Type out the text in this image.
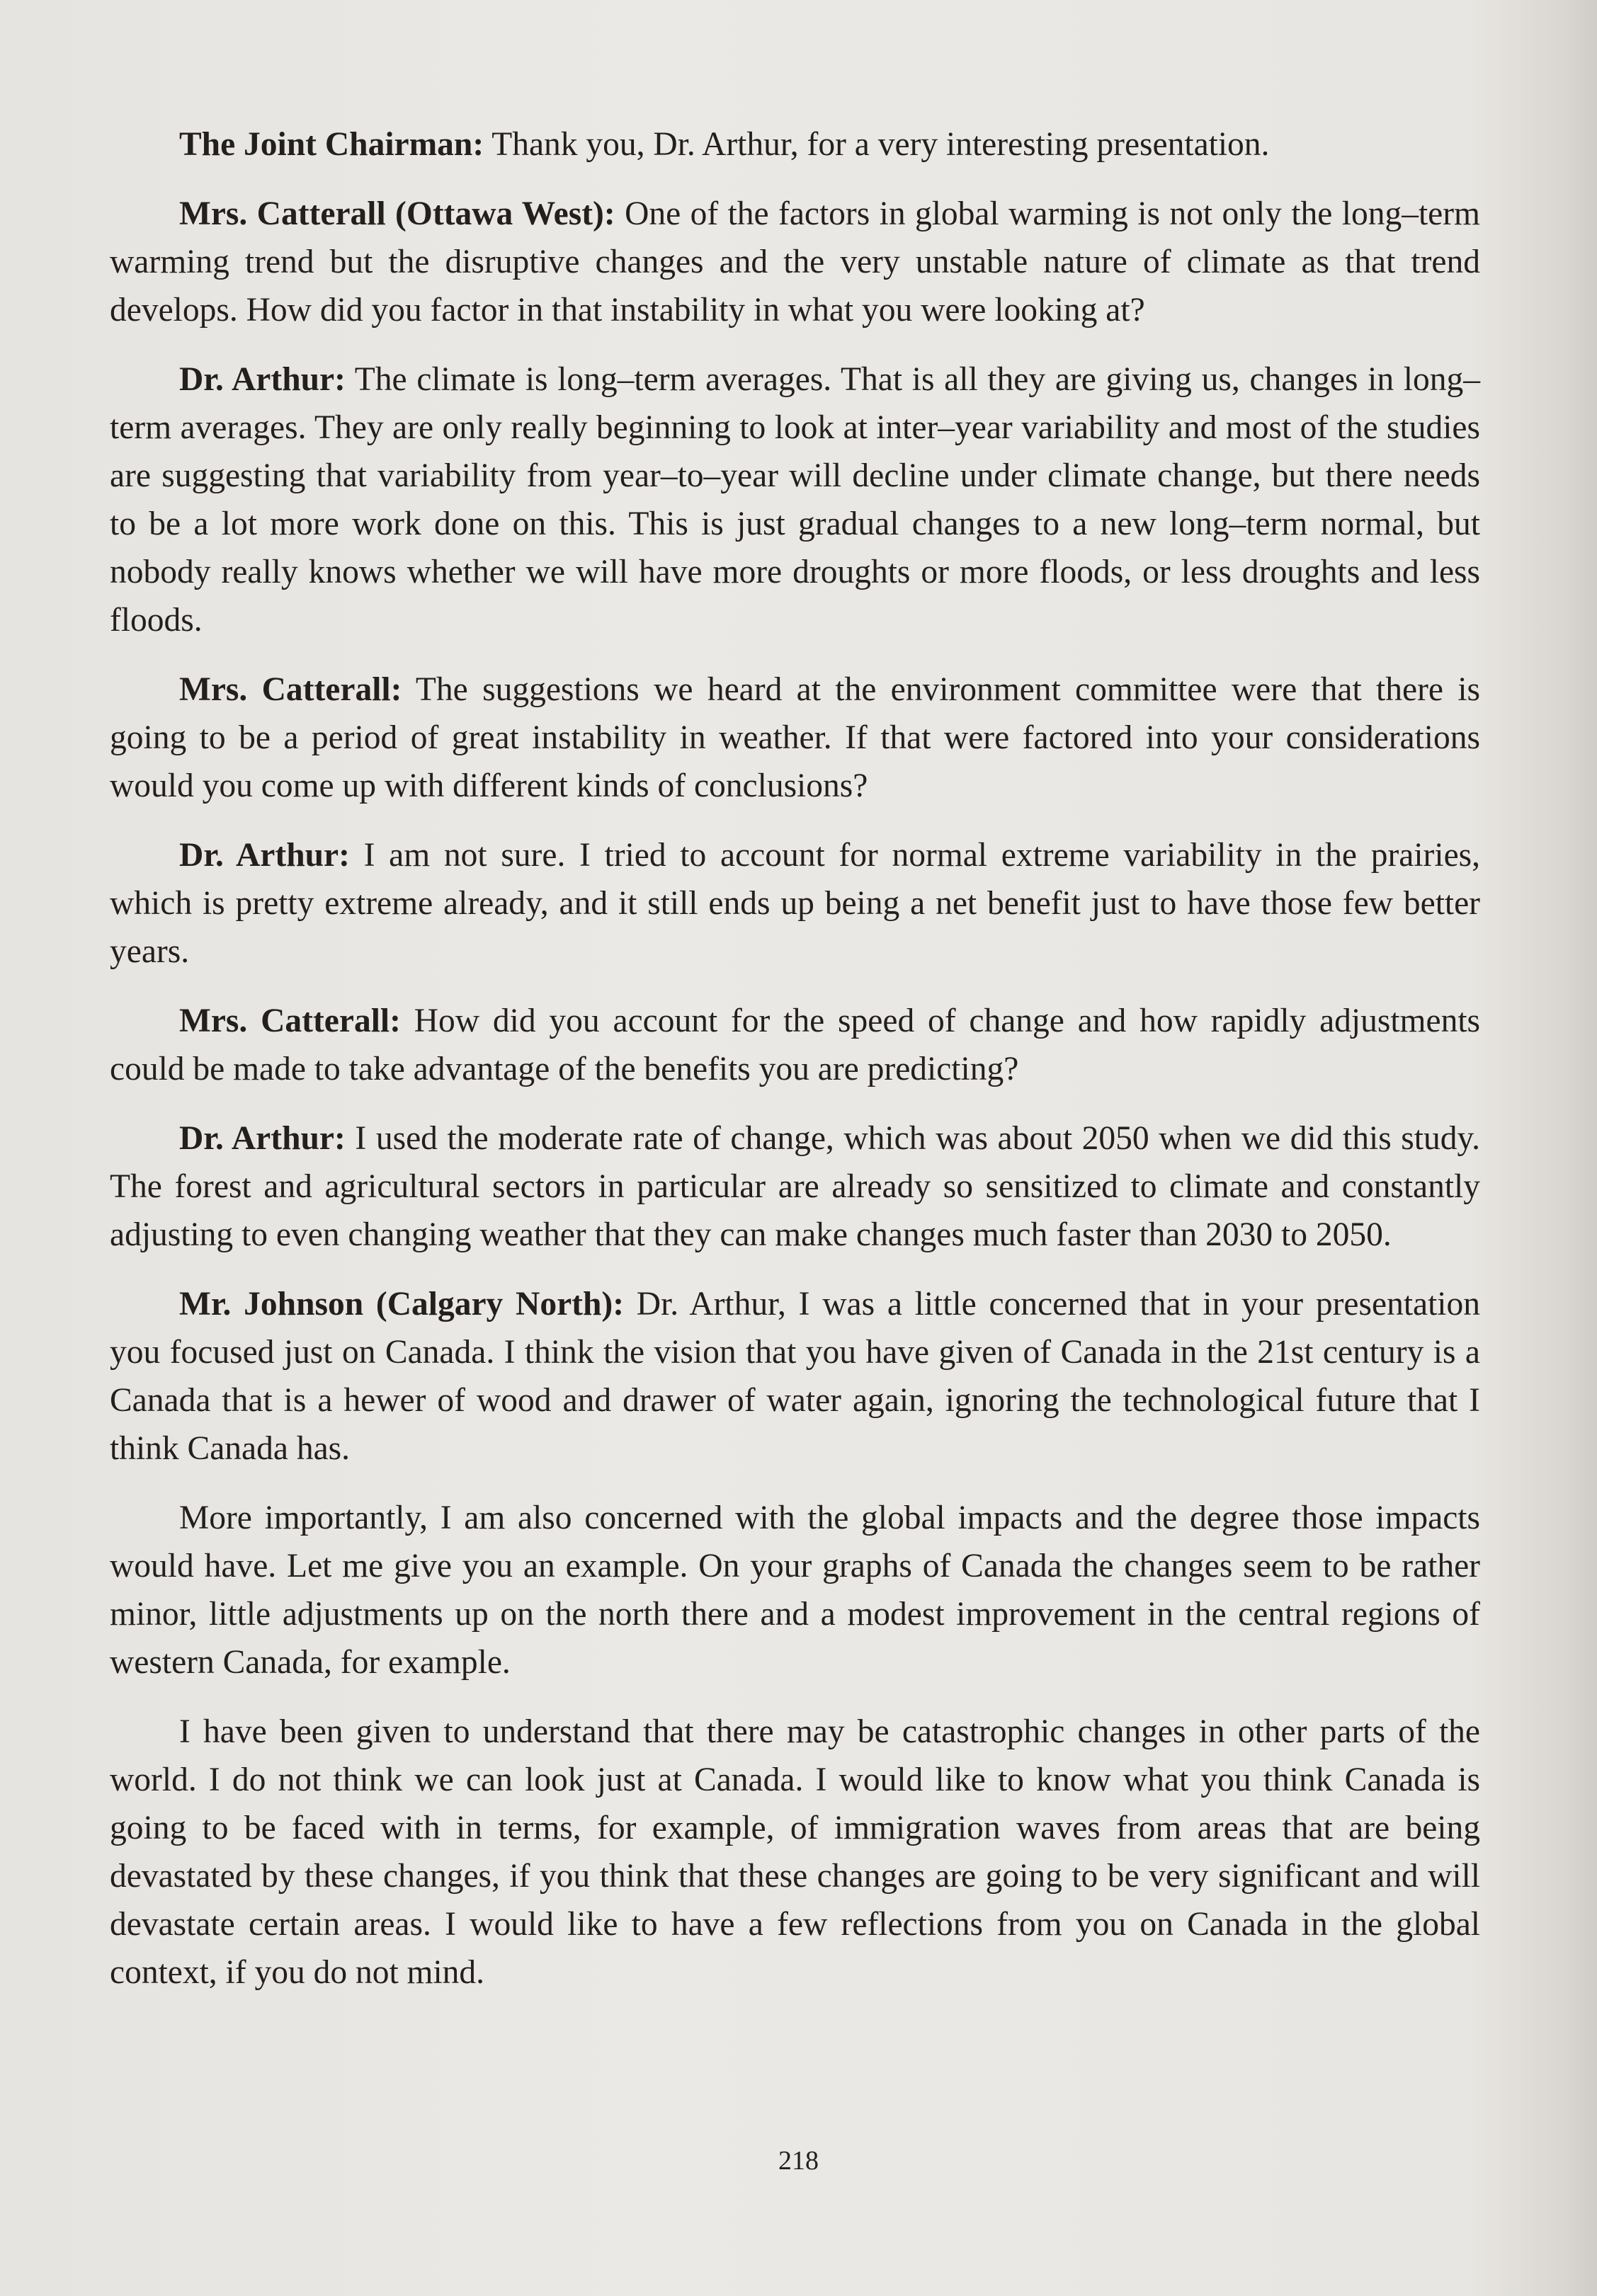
The Joint Chairman: Thank you, Dr. Arthur, for a very interesting presentation.

Mrs. Catterall (Ottawa West): One of the factors in global warming is not only the long–term warming trend but the disruptive changes and the very unstable nature of climate as that trend develops. How did you factor in that instability in what you were looking at?

Dr. Arthur: The climate is long–term averages. That is all they are giving us, changes in long–term averages. They are only really beginning to look at inter–year variability and most of the studies are suggesting that variability from year–to–year will decline under climate change, but there needs to be a lot more work done on this. This is just gradual changes to a new long–term normal, but nobody really knows whether we will have more droughts or more floods, or less droughts and less floods.

Mrs. Catterall: The suggestions we heard at the environment committee were that there is going to be a period of great instability in weather. If that were factored into your considerations would you come up with different kinds of conclusions?

Dr. Arthur: I am not sure. I tried to account for normal extreme variability in the prairies, which is pretty extreme already, and it still ends up being a net benefit just to have those few better years.

Mrs. Catterall: How did you account for the speed of change and how rapidly adjustments could be made to take advantage of the benefits you are predicting?

Dr. Arthur: I used the moderate rate of change, which was about 2050 when we did this study. The forest and agricultural sectors in particular are already so sensitized to climate and constantly adjusting to even changing weather that they can make changes much faster than 2030 to 2050.

Mr. Johnson (Calgary North): Dr. Arthur, I was a little concerned that in your presentation you focused just on Canada. I think the vision that you have given of Canada in the 21st century is a Canada that is a hewer of wood and drawer of water again, ignoring the technological future that I think Canada has.

More importantly, I am also concerned with the global impacts and the degree those impacts would have. Let me give you an example. On your graphs of Canada the changes seem to be rather minor, little adjustments up on the north there and a modest improvement in the central regions of western Canada, for example.

I have been given to understand that there may be catastrophic changes in other parts of the world. I do not think we can look just at Canada. I would like to know what you think Canada is going to be faced with in terms, for example, of immigration waves from areas that are being devastated by these changes, if you think that these changes are going to be very significant and will devastate certain areas. I would like to have a few reflections from you on Canada in the global context, if you do not mind.

218
